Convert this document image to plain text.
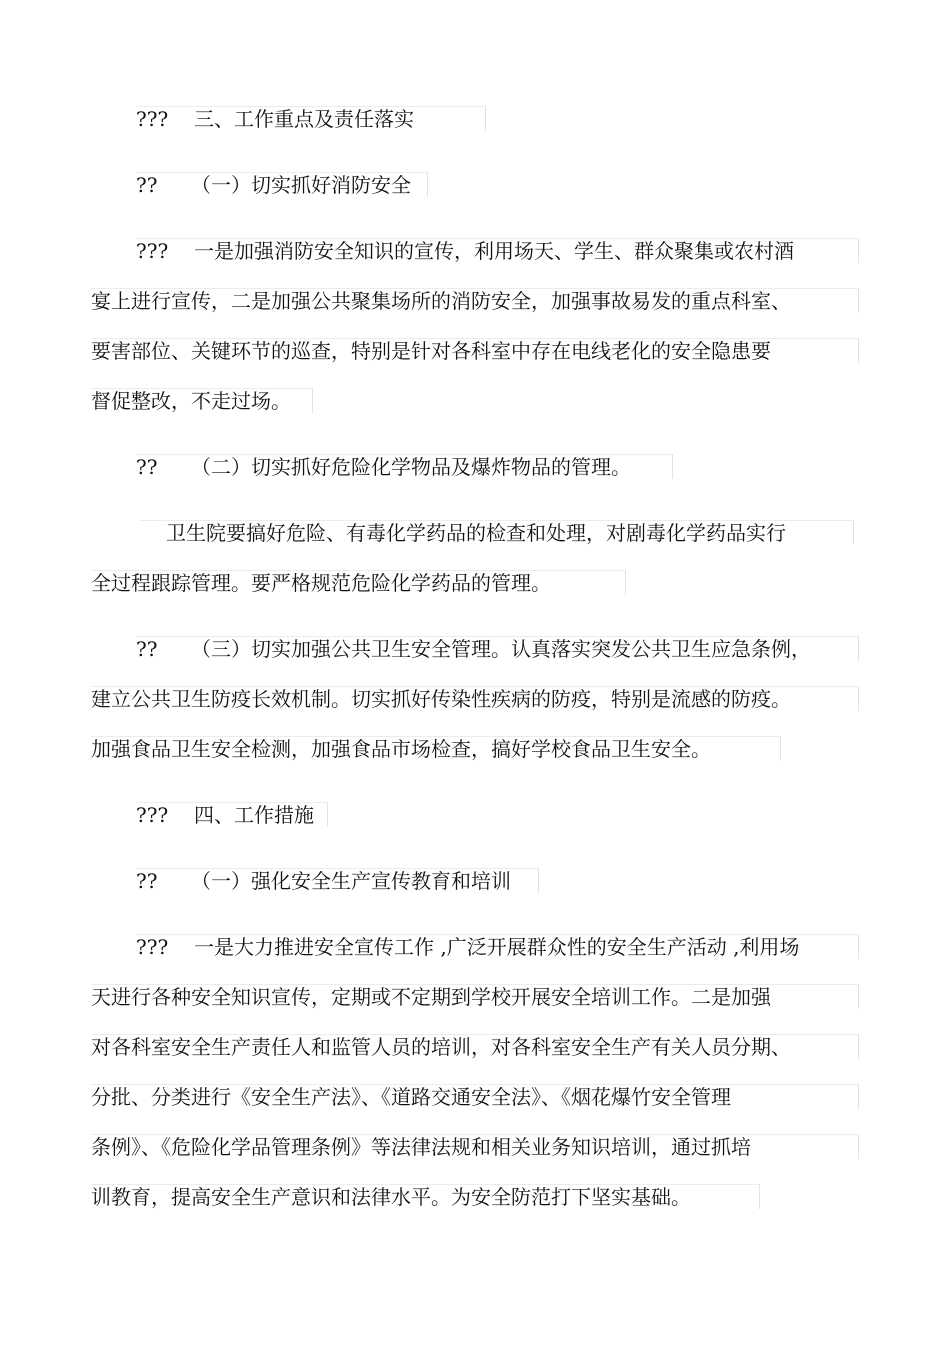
??? 三、工作重点及责任落实
?? （一）切实抓好消防安全
??? 一是加强消防安全知识的宣传，利用场天、学生、群众聚集或农村酒
宴上进行宣传，二是加强公共聚集场所的消防安全，加强事故易发的重点科室、
要害部位、关键环节的巡查，特别是针对各科室中存在电线老化的安全隐患要
督促整改，不走过场。
?? （二）切实抓好危险化学物品及爆炸物品的管理。
卫生院要搞好危险、有毒化学药品的检查和处理，对剧毒化学药品实行
全过程跟踪管理。要严格规范危险化学药品的管理。
?? （三）切实加强公共卫生安全管理。认真落实突发公共卫生应急条例，
建立公共卫生防疫长效机制。切实抓好传染性疾病的防疫，特别是流感的防疫。
加强食品卫生安全检测，加强食品市场检查，搞好学校食品卫生安全。
??? 四、工作措施
?? （一）强化安全生产宣传教育和培训
??? 一是大力推进安全宣传工作 ,广泛开展群众性的安全生产活动 ,利用场
天进行各种安全知识宣传，定期或不定期到学校开展安全培训工作。二是加强
对各科室安全生产责任人和监管人员的培训，对各科室安全生产有关人员分期、
分批、分类进行《安全生产法》、《道路交通安全法》、《烟花爆竹安全管理
条例》、《危险化学品管理条例》等法律法规和相关业务知识培训，通过抓培
训教育，提高安全生产意识和法律水平。为安全防范打下坚实基础。
